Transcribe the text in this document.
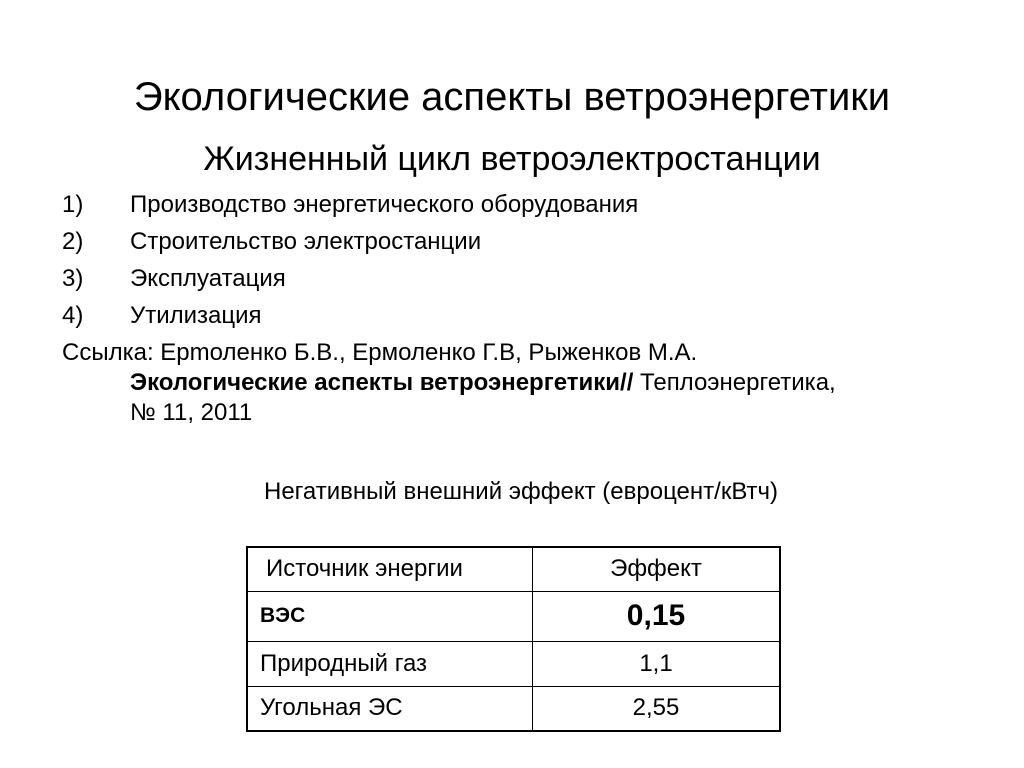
Экологические аспекты ветроэнергетики
Жизненный цикл ветроэлектростанции
1) Производство энергетического оборудования
2) Строительство электростанции
3) Эксплуатация
4) Утилизация
Ссылка: Ерmоленко Б.В., Ермоленко Г.В, Рыженков М.А.
Экологические аспекты ветроэнергетики// Теплоэнергетика,
№ 11, 2011
Негативный внешний эффект (евроцент/кВтч)
Источник энергии	Эффект
ВЭС	0,15
Природный газ	1,1
Угольная ЭС	2,55
